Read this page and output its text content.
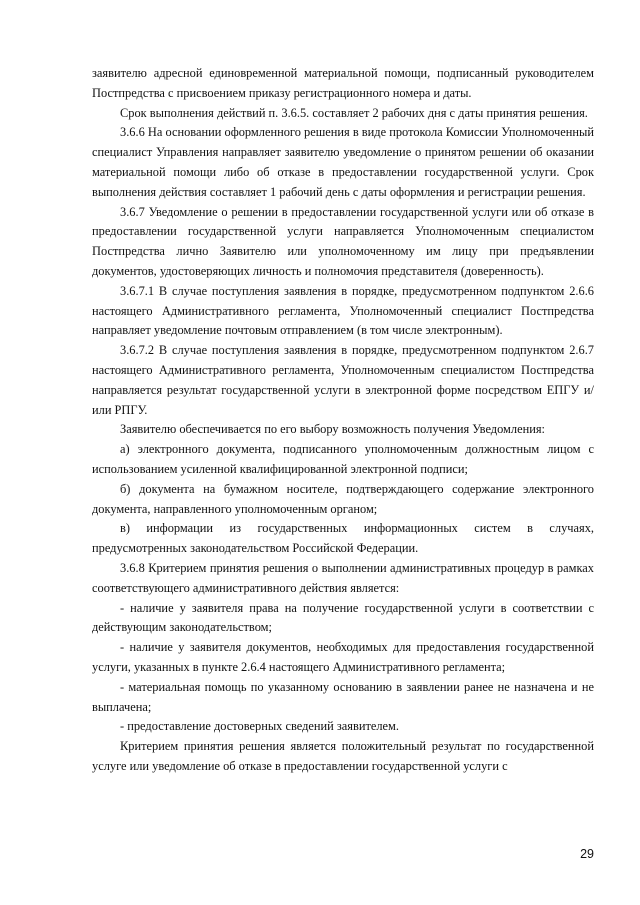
заявителю адресной единовременной материальной помощи, подписанный руководителем Постпредства с присвоением приказу регистрационного номера и даты.

Срок выполнения действий п. 3.6.5. составляет 2 рабочих дня с даты принятия решения.

3.6.6 На основании оформленного решения в виде протокола Комиссии Уполномоченный специалист Управления направляет заявителю уведомление о принятом решении об оказании материальной помощи либо об отказе в предоставлении государственной услуги. Срок выполнения действия составляет 1 рабочий день с даты оформления и регистрации решения.

3.6.7 Уведомление о решении в предоставлении государственной услуги или об отказе в предоставлении государственной услуги направляется Уполномоченным специалистом Постпредства лично Заявителю или уполномоченному им лицу при предъявлении документов, удостоверяющих личность и полномочия представителя (доверенность).

3.6.7.1 В случае поступления заявления в порядке, предусмотренном подпунктом 2.6.6 настоящего Административного регламента, Уполномоченный специалист Постпредства направляет уведомление почтовым отправлением (в том числе электронным).

3.6.7.2 В случае поступления заявления в порядке, предусмотренном подпунктом 2.6.7 настоящего Административного регламента, Уполномоченным специалистом Постпредства направляется результат государственной услуги в электронной форме посредством ЕПГУ и/или РПГУ.

Заявителю обеспечивается по его выбору возможность получения Уведомления:

а) электронного документа, подписанного уполномоченным должностным лицом с использованием усиленной квалифицированной электронной подписи;

б) документа на бумажном носителе, подтверждающего содержание электронного документа, направленного уполномоченным органом;

в) информации из государственных информационных систем в случаях, предусмотренных законодательством Российской Федерации.

3.6.8 Критерием принятия решения о выполнении административных процедур в рамках соответствующего административного действия является:

- наличие у заявителя права на получение государственной услуги в соответствии с действующим законодательством;

- наличие у заявителя документов, необходимых для предоставления государственной услуги, указанных в пункте 2.6.4 настоящего Административного регламента;

- материальная помощь по указанному основанию в заявлении ранее не назначена и не выплачена;

- предоставление достоверных сведений заявителем.

Критерием принятия решения является положительный результат по государственной услуге или уведомление об отказе в предоставлении государственной услуги с

29
